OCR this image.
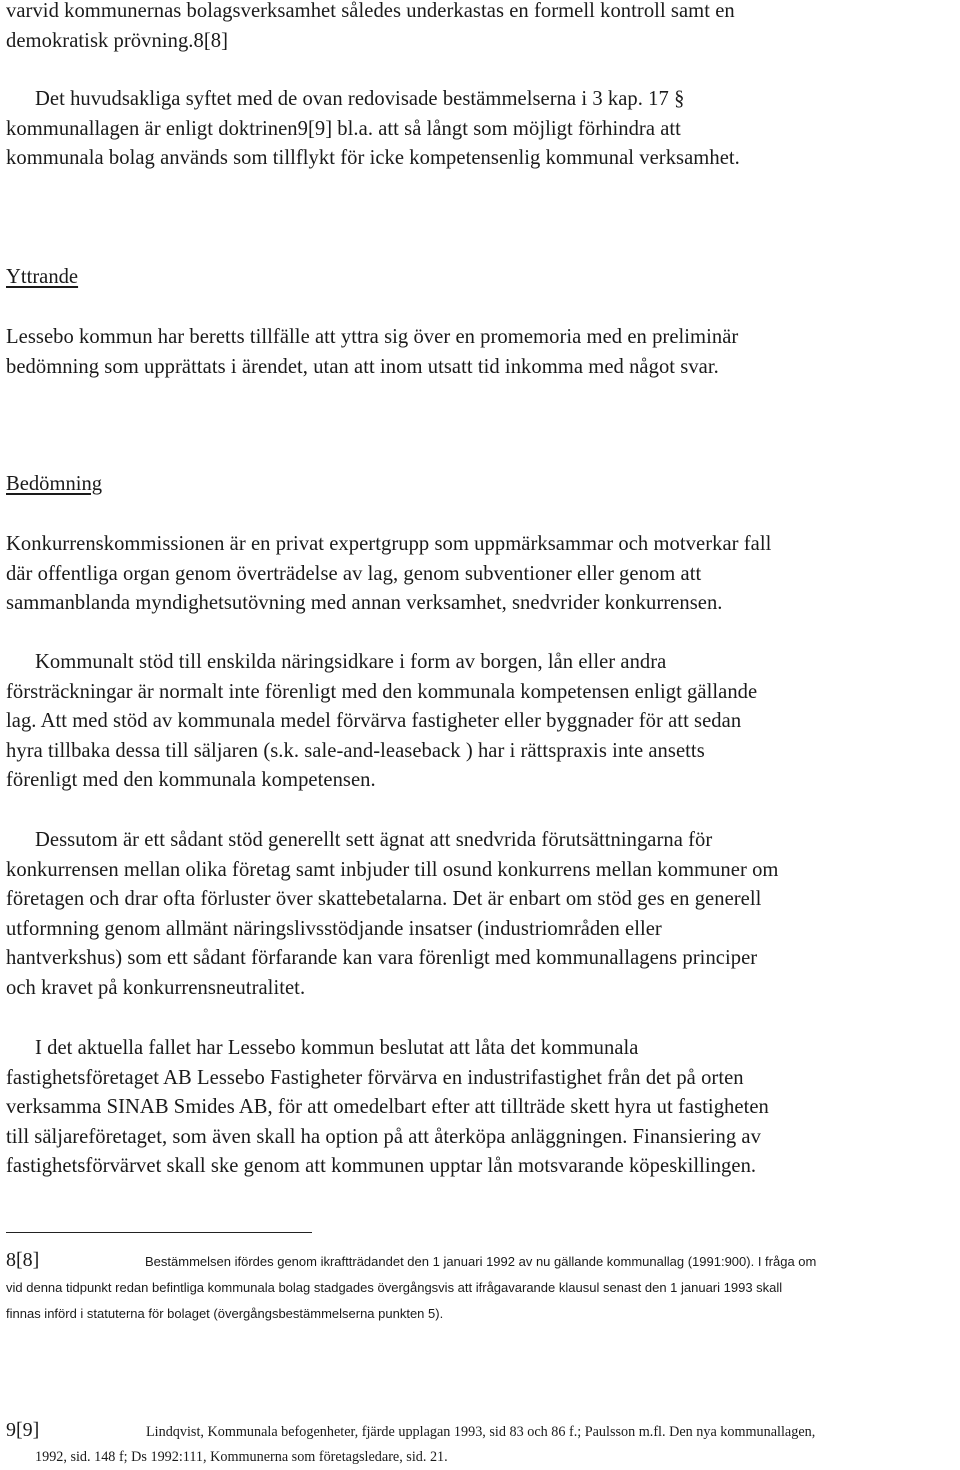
varvid kommunernas bolagsverksamhet således underkastas en formell kontroll samt en
demokratisk prövning.8[8]
Det huvudsakliga syftet med de ovan redovisade bestämmelserna i 3 kap. 17 §
kommunallagen är enligt doktrinen9[9] bl.a. att så långt som möjligt förhindra att
kommunala bolag används som tillflykt för icke kompetensenlig kommunal verksamhet.
Yttrande
Lessebo kommun har beretts tillfälle att yttra sig över en promemoria med en preliminär
bedömning som upprättats i ärendet, utan att inom utsatt tid inkomma med något svar.
Bedömning
Konkurrenskommissionen är en privat expertgrupp som uppmärksammar och motverkar fall
där offentliga organ genom överträdelse av lag, genom subventioner eller genom att
sammanblanda myndighetsutövning med annan verksamhet, snedvrider konkurrensen.
Kommunalt stöd till enskilda näringsidkare i form av borgen, lån eller andra
försträckningar är normalt inte förenligt med den kommunala kompetensen enligt gällande
lag. Att med stöd av kommunala medel förvärva fastigheter eller byggnader för att sedan
hyra tillbaka dessa till säljaren (s.k. sale-and-leaseback ) har i rättspraxis inte ansetts
förenligt med den kommunala kompetensen.
Dessutom är ett sådant stöd generellt sett ägnat att snedvrida förutsättningarna för
konkurrensen mellan olika företag samt inbjuder till osund konkurrens mellan kommuner om
företagen och drar ofta förluster över skattebetalarna. Det är enbart om stöd ges en generell
utformning genom allmänt näringslivsstödjande insatser (industriområden eller
hantverkshus) som ett sådant förfarande kan vara förenligt med kommunallagens principer
och kravet på konkurrensneutralitet.
I det aktuella fallet har Lessebo kommun beslutat att låta det kommunala
fastighetsföretaget AB Lessebo Fastigheter förvärva en industrifastighet från det på orten
verksamma SINAB Smides AB, för att omedelbart efter att tillträde skett hyra ut fastigheten
till säljareföretaget, som även skall ha option på att återköpa anläggningen. Finansiering av
fastighetsförvärvet skall ske genom att kommunen upptar lån motsvarande köpeskillingen.
8[8]	Bestämmelsen ifördes genom ikraftträdandet den 1 januari 1992 av nu gällande kommunallag (1991:900). I fråga om
vid denna tidpunkt redan befintliga kommunala bolag stadgades övergångsvis att ifrågavarande klausul senast den 1 januari 1993 skall
finnas införd i statuterna för bolaget (övergångsbestämmelserna punkten 5).
9[9]	Lindqvist, Kommunala befogenheter, fjärde upplagan 1993, sid 83 och 86 f.; Paulsson m.fl. Den nya kommunallagen,
1992, sid. 148 f; Ds 1992:111, Kommunerna som företagsledare, sid. 21.
